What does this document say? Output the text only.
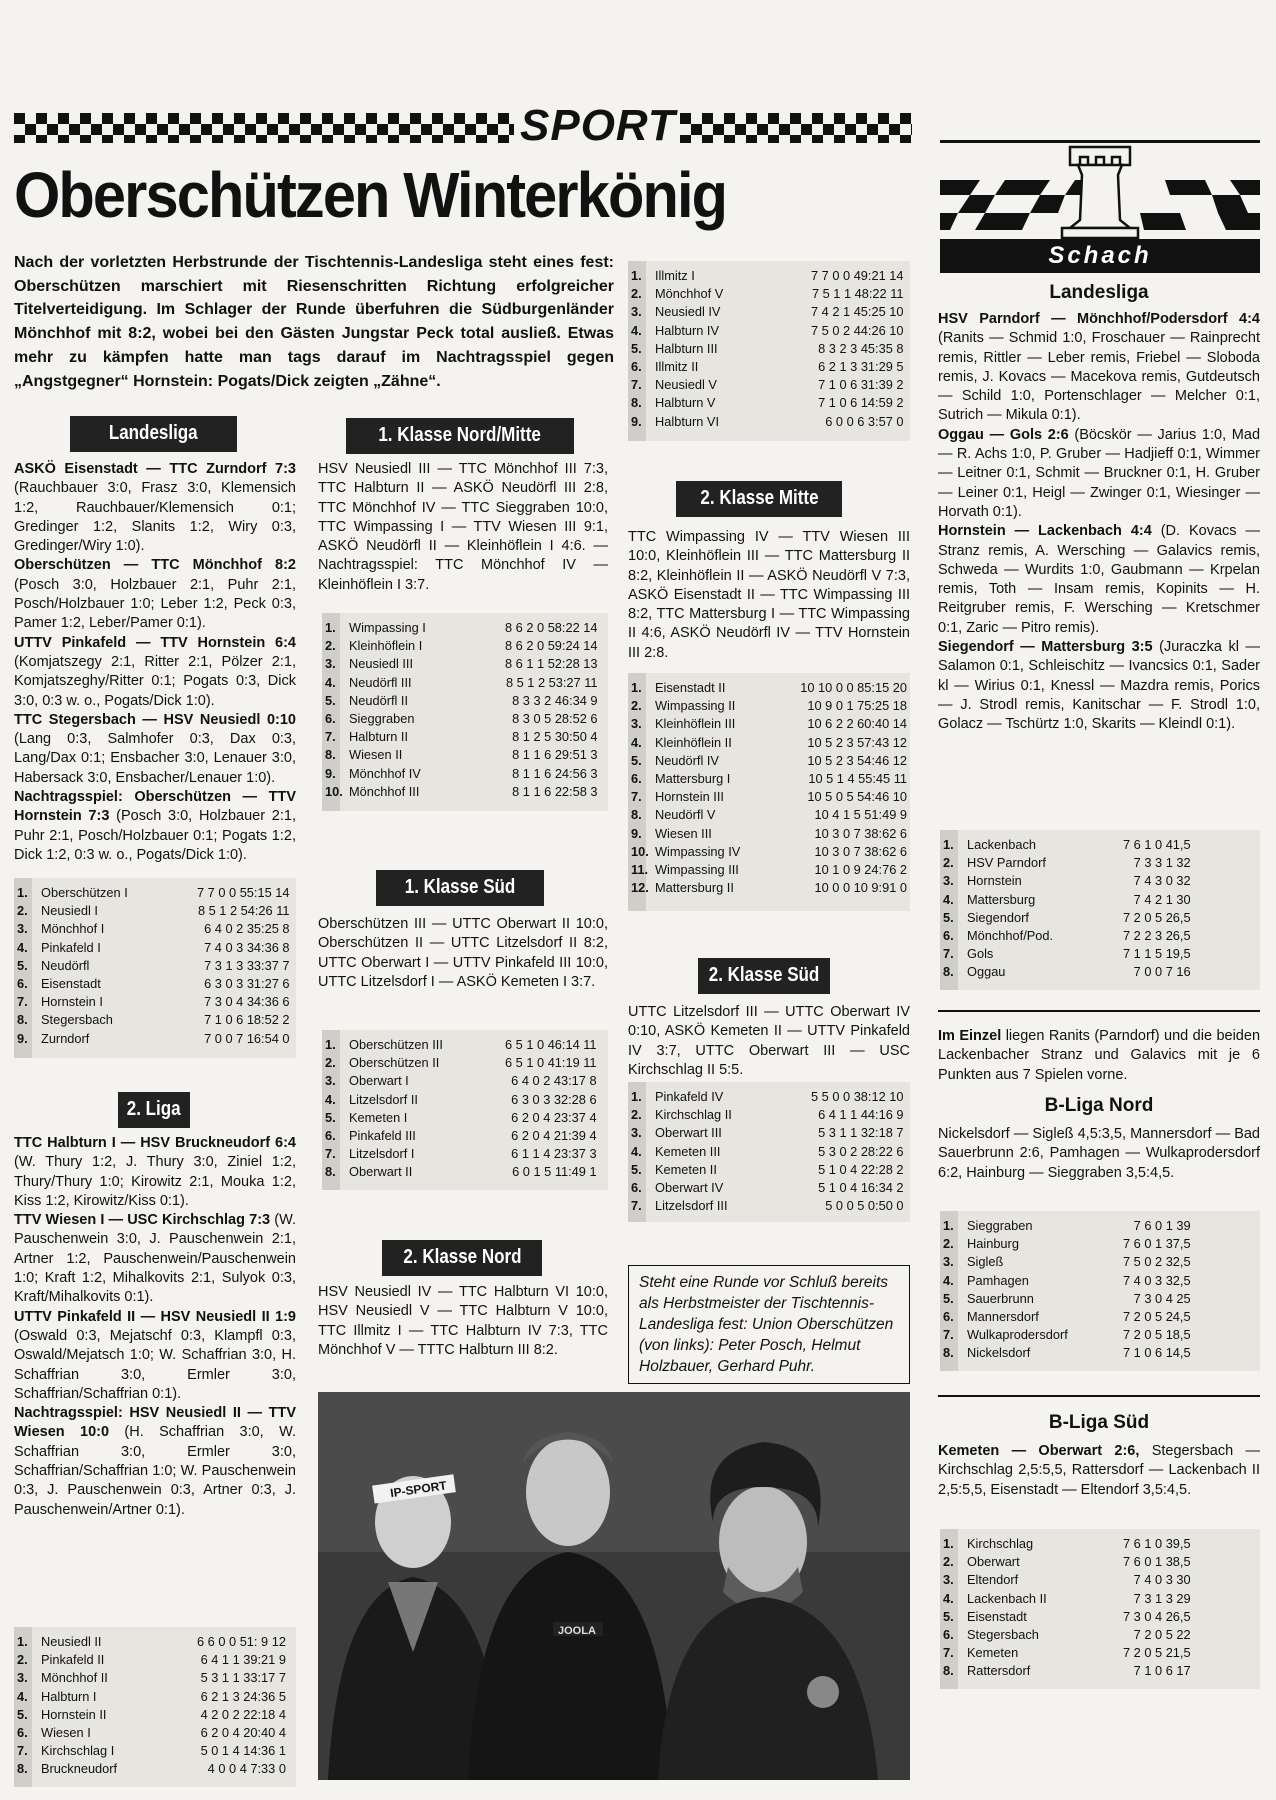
SPORT
Oberschützen Winterkönig
Nach der vorletzten Herbstrunde der Tischtennis-Landesliga steht eines fest: Oberschützen marschiert mit Riesenschritten Richtung erfolgreicher Titelverteidigung. Im Schlager der Runde überfuhren die Südburgenländer Mönchhof mit 8:2, wobei bei den Gästen Jungstar Peck total ausließ. Etwas mehr zu kämpfen hatte man tags darauf im Nachtragsspiel gegen „Angstgegner“ Hornstein: Pogats/Dick zeigten „Zähne“.
Schach
Landesliga
ASKÖ Eisenstadt — TTC Zurndorf 7:3 (Rauchbauer 3:0, Frasz 3:0, Klemensich 1:2, Rauchbauer/Klemensich 0:1; Gredinger 1:2, Slanits 1:2, Wiry 0:3, Gredinger/Wiry 1:0).
Oberschützen — TTC Mönchhof 8:2 (Posch 3:0, Holzbauer 2:1, Puhr 2:1, Posch/Holzbauer 1:0; Leber 1:2, Peck 0:3, Pamer 1:2, Leber/Pamer 0:1).
UTTV Pinkafeld — TTV Hornstein 6:4 (Komjatszegy 2:1, Ritter 2:1, Pölzer 2:1, Komjatszeghy/Ritter 0:1; Pogats 0:3, Dick 3:0, 0:3 w. o., Pogats/Dick 1:0).
TTC Stegersbach — HSV Neusiedl 0:10 (Lang 0:3, Salmhofer 0:3, Dax 0:3, Lang/Dax 0:1; Ensbacher 3:0, Lenauer 3:0, Habersack 3:0, Ensbacher/Lenauer 1:0).
Nachtragsspiel: Oberschützen — TTV Hornstein 7:3 (Posch 3:0, Holzbauer 2:1, Puhr 2:1, Posch/Holzbauer 0:1; Pogats 1:2, Dick 1:2, 0:3 w. o., Pogats/Dick 1:0).
1.	Oberschützen I	7 7 0 0 55:15 14
2.	Neusiedl I	8 5 1 2 54:26 11
3.	Mönchhof I	6 4 0 2 35:25 8
4.	Pinkafeld I	7 4 0 3 34:36 8
5.	Neudörfl	7 3 1 3 33:37 7
6.	Eisenstadt	6 3 0 3 31:27 6
7.	Hornstein I	7 3 0 4 34:36 6
8.	Stegersbach	7 1 0 6 18:52 2
9.	Zurndorf	7 0 0 7 16:54 0
2. Liga
TTC Halbturn I — HSV Bruckneudorf 6:4 (W. Thury 1:2, J. Thury 3:0, Ziniel 1:2, Thury/Thury 1:0; Kirowitz 2:1, Mouka 1:2, Kiss 1:2, Kirowitz/Kiss 0:1).
TTV Wiesen I — USC Kirchschlag 7:3 (W. Pauschenwein 3:0, J. Pauschenwein 2:1, Artner 1:2, Pauschenwein/Pauschenwein 1:0; Kraft 1:2, Mihalkovits 2:1, Sulyok 0:3, Kraft/Mihalkovits 0:1).
UTTV Pinkafeld II — HSV Neusiedl II 1:9 (Oswald 0:3, Mejatschf 0:3, Klampfl 0:3, Oswald/Mejatsch 1:0; W. Schaffrian 3:0, H. Schaffrian 3:0, Ermler 3:0, Schaffrian/Schaffrian 0:1).
Nachtragsspiel: HSV Neusiedl II — TTV Wiesen 10:0 (H. Schaffrian 3:0, W. Schaffrian 3:0, Ermler 3:0, Schaffrian/Schaffrian 1:0; W. Pauschenwein 0:3, J. Pauschenwein 0:3, Artner 0:3, J. Pauschenwein/Artner 0:1).
1.	Neusiedl II	6 6 0 0 51: 9 12
2.	Pinkafeld II	6 4 1 1 39:21 9
3.	Mönchhof II	5 3 1 1 33:17 7
4.	Halbturn I	6 2 1 3 24:36 5
5.	Hornstein II	4 2 0 2 22:18 4
6.	Wiesen I	6 2 0 4 20:40 4
7.	Kirchschlag I	5 0 1 4 14:36 1
8.	Bruckneudorf	4 0 0 4 7:33 0
1. Klasse Nord/Mitte
HSV Neusiedl III — TTC Mönchhof III 7:3, TTC Halbturn II — ASKÖ Neudörfl III 2:8, TTC Mönchhof IV — TTC Sieggraben 10:0, TTC Wimpassing I — TTV Wiesen III 9:1, ASKÖ Neudörfl II — Kleinhöflein I 4:6. — Nachtragsspiel: TTC Mönchhof IV — Kleinhöflein I 3:7.
1.	Wimpassing I	8 6 2 0 58:22 14
2.	Kleinhöflein I	8 6 2 0 59:24 14
3.	Neusiedl III	8 6 1 1 52:28 13
4.	Neudörfl III	8 5 1 2 53:27 11
5.	Neudörfl II	8 3 3 2 46:34 9
6.	Sieggraben	8 3 0 5 28:52 6
7.	Halbturn II	8 1 2 5 30:50 4
8.	Wiesen II	8 1 1 6 29:51 3
9.	Mönchhof IV	8 1 1 6 24:56 3
10.	Mönchhof III	8 1 1 6 22:58 3
1. Klasse Süd
Oberschützen III — UTTC Oberwart II 10:0, Oberschützen II — UTTC Litzelsdorf II 8:2, UTTC Oberwart I — UTTV Pinkafeld III 10:0, UTTC Litzelsdorf I — ASKÖ Kemeten I 3:7.
1.	Oberschützen III	6 5 1 0 46:14 11
2.	Oberschützen II	6 5 1 0 41:19 11
3.	Oberwart I	6 4 0 2 43:17 8
4.	Litzelsdorf II	6 3 0 3 32:28 6
5.	Kemeten I	6 2 0 4 23:37 4
6.	Pinkafeld III	6 2 0 4 21:39 4
7.	Litzelsdorf I	6 1 1 4 23:37 3
8.	Oberwart II	6 0 1 5 11:49 1
2. Klasse Nord
HSV Neusiedl IV — TTC Halbturn VI 10:0, HSV Neusiedl V — TTC Halbturn V 10:0, TTC Illmitz I — TTC Halbturn IV 7:3, TTC Mönchhof V — TTTC Halbturn III 8:2.
1.	Illmitz I	7 7 0 0 49:21 14
2.	Mönchhof V	7 5 1 1 48:22 11
3.	Neusiedl IV	7 4 2 1 45:25 10
4.	Halbturn IV	7 5 0 2 44:26 10
5.	Halbturn III	8 3 2 3 45:35 8
6.	Illmitz II	6 2 1 3 31:29 5
7.	Neusiedl V	7 1 0 6 31:39 2
8.	Halbturn V	7 1 0 6 14:59 2
9.	Halbturn VI	6 0 0 6 3:57 0
2. Klasse Mitte
TTC Wimpassing IV — TTV Wiesen III 10:0, Kleinhöflein III — TTC Mattersburg II 8:2, Kleinhöflein II — ASKÖ Neudörfl V 7:3, ASKÖ Eisenstadt II — TTC Wimpassing III 8:2, TTC Mattersburg I — TTC Wimpassing II 4:6, ASKÖ Neudörfl IV — TTV Hornstein III 2:8.
1.	Eisenstadt II	10 10 0 0 85:15 20
2.	Wimpassing II	10 9 0 1 75:25 18
3.	Kleinhöflein III	10 6 2 2 60:40 14
4.	Kleinhöflein II	10 5 2 3 57:43 12
5.	Neudörfl IV	10 5 2 3 54:46 12
6.	Mattersburg I	10 5 1 4 55:45 11
7.	Hornstein III	10 5 0 5 54:46 10
8.	Neudörfl V	10 4 1 5 51:49 9
9.	Wiesen III	10 3 0 7 38:62 6
10.	Wimpassing IV	10 3 0 7 38:62 6
11.	Wimpassing III	10 1 0 9 24:76 2
12.	Mattersburg II	10 0 0 10 9:91 0
2. Klasse Süd
UTTC Litzelsdorf III — UTTC Oberwart IV 0:10, ASKÖ Kemeten II — UTTV Pinkafeld IV 3:7, UTTC Oberwart III — USC Kirchschlag II 5:5.
1.	Pinkafeld IV	5 5 0 0 38:12 10
2.	Kirchschlag II	6 4 1 1 44:16 9
3.	Oberwart III	5 3 1 1 32:18 7
4.	Kemeten III	5 3 0 2 28:22 6
5.	Kemeten II	5 1 0 4 22:28 2
6.	Oberwart IV	5 1 0 4 16:34 2
7.	Litzelsdorf III	5 0 0 5 0:50 0
Steht eine Runde vor Schluß bereits als Herbstmeister der Tischtennis-Landesliga fest: Union Oberschützen (von links): Peter Posch, Helmut Holzbauer, Gerhard Puhr.
IP-SPORT
JOOLA
Landesliga
HSV Parndorf — Mönchhof/Podersdorf 4:4 (Ranits — Schmid 1:0, Froschauer — Rainprecht remis, Rittler — Leber remis, Friebel — Sloboda remis, J. Kovacs — Macekova remis, Gutdeutsch — Schild 1:0, Portenschlager — Melcher 0:1, Sutrich — Mikula 0:1).
Oggau — Gols 2:6 (Böcskör — Jarius 1:0, Mad — R. Achs 1:0, P. Gruber — Hadjieff 0:1, Wimmer — Leitner 0:1, Schmit — Bruckner 0:1, H. Gruber — Leiner 0:1, Heigl — Zwinger 0:1, Wiesinger — Horvath 0:1).
Hornstein — Lackenbach 4:4 (D. Kovacs — Stranz remis, A. Wersching — Galavics remis, Schweda — Wurdits 1:0, Gaubmann — Krpelan remis, Toth — Insam remis, Kopinits — H. Reitgruber remis, F. Wersching — Kretschmer 0:1, Zaric — Pitro remis).
Siegendorf — Mattersburg 3:5 (Juraczka kl — Salamon 0:1, Schleischitz — Ivancsics 0:1, Sader kl — Wirius 0:1, Knessl — Mazdra remis, Porics — J. Strodl remis, Kanitschar — F. Strodl 1:0, Golacz — Tschürtz 1:0, Skarits — Kleindl 0:1).
1.	Lackenbach	7 6 1 0 41,5
2.	HSV Parndorf	7 3 3 1 32
3.	Hornstein	7 4 3 0 32
4.	Mattersburg	7 4 2 1 30
5.	Siegendorf	7 2 0 5 26,5
6.	Mönchhof/Pod.	7 2 2 3 26,5
7.	Gols	7 1 1 5 19,5
8.	Oggau	7 0 0 7 16
Im Einzel liegen Ranits (Parndorf) und die beiden Lackenbacher Stranz und Galavics mit je 6 Punkten aus 7 Spielen vorne.
B-Liga Nord
Nickelsdorf — Sigleß 4,5:3,5, Mannersdorf — Bad Sauerbrunn 2:6, Pamhagen — Wulkaprodersdorf 6:2, Hainburg — Sieggraben 3,5:4,5.
1.	Sieggraben	7 6 0 1 39
2.	Hainburg	7 6 0 1 37,5
3.	Sigleß	7 5 0 2 32,5
4.	Pamhagen	7 4 0 3 32,5
5.	Sauerbrunn	7 3 0 4 25
6.	Mannersdorf	7 2 0 5 24,5
7.	Wulkaprodersdorf	7 2 0 5 18,5
8.	Nickelsdorf	7 1 0 6 14,5
B-Liga Süd
Kemeten — Oberwart 2:6, Stegersbach — Kirchschlag 2,5:5,5, Rattersdorf — Lackenbach II 2,5:5,5, Eisenstadt — Eltendorf 3,5:4,5.
1.	Kirchschlag	7 6 1 0 39,5
2.	Oberwart	7 6 0 1 38,5
3.	Eltendorf	7 4 0 3 30
4.	Lackenbach II	7 3 1 3 29
5.	Eisenstadt	7 3 0 4 26,5
6.	Stegersbach	7 2 0 5 22
7.	Kemeten	7 2 0 5 21,5
8.	Rattersdorf	7 1 0 6 17
